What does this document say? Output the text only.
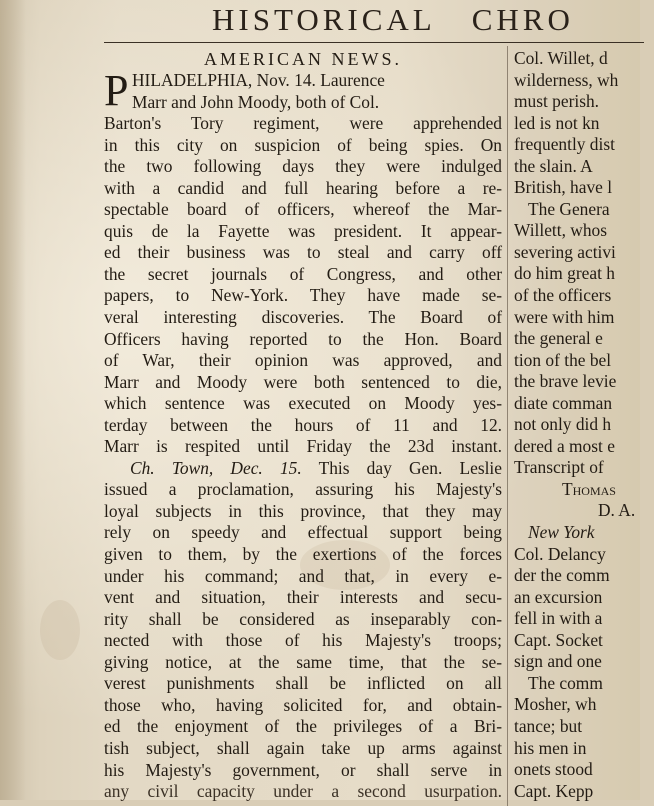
HISTORICAL CHRO
AMERICAN NEWS.
P HILADELPHIA, Nov. 14. Laurence
Marr and John Moody, both of Col.
Barton's Tory regiment, were apprehended
in this city on suspicion of being spies. On
the two following days they were indulged
with a candid and full hearing before a re-
spectable board of officers, whereof the Mar-
quis de la Fayette was president. It appear-
ed their business was to steal and carry off
the secret journals of Congress, and other
papers, to New-York. They have made se-
veral interesting discoveries. The Board of
Officers having reported to the Hon. Board
of War, their opinion was approved, and
Marr and Moody were both sentenced to die,
which sentence was executed on Moody yes-
terday between the hours of 11 and 12.
Marr is respited until Friday the 23d instant.
Ch. Town, Dec. 15. This day Gen. Leslie
issued a proclamation, assuring his Majesty's
loyal subjects in this province, that they may
rely on speedy and effectual support being
given to them, by the exertions of the forces
under his command; and that, in every e-
vent and situation, their interests and secu-
rity shall be considered as inseparably con-
nected with those of his Majesty's troops;
giving notice, at the same time, that the se-
verest punishments shall be inflicted on all
those who, having solicited for, and obtain-
ed the enjoyment of the privileges of a Bri-
tish subject, shall again take up arms against
his Majesty's government, or shall serve in
any civil capacity under a second usurpation.
Col. Willet, d
wilderness, wh
must perish.
led is not kn
frequently dist
the slain. A
British, have l
The Genera
Willett, whos
severing activi
do him great h
of the officers
were with him
the general e
tion of the bel
the brave levie
diate comman
not only did h
dered a most e
Transcript of
Thomas
D. A.
New York
Col. Delancy
der the comm
an excursion
fell in with a
Capt. Socket
sign and one
The comm
Mosher, wh
tance; but
his men in
onets stood
Capt. Kepp
